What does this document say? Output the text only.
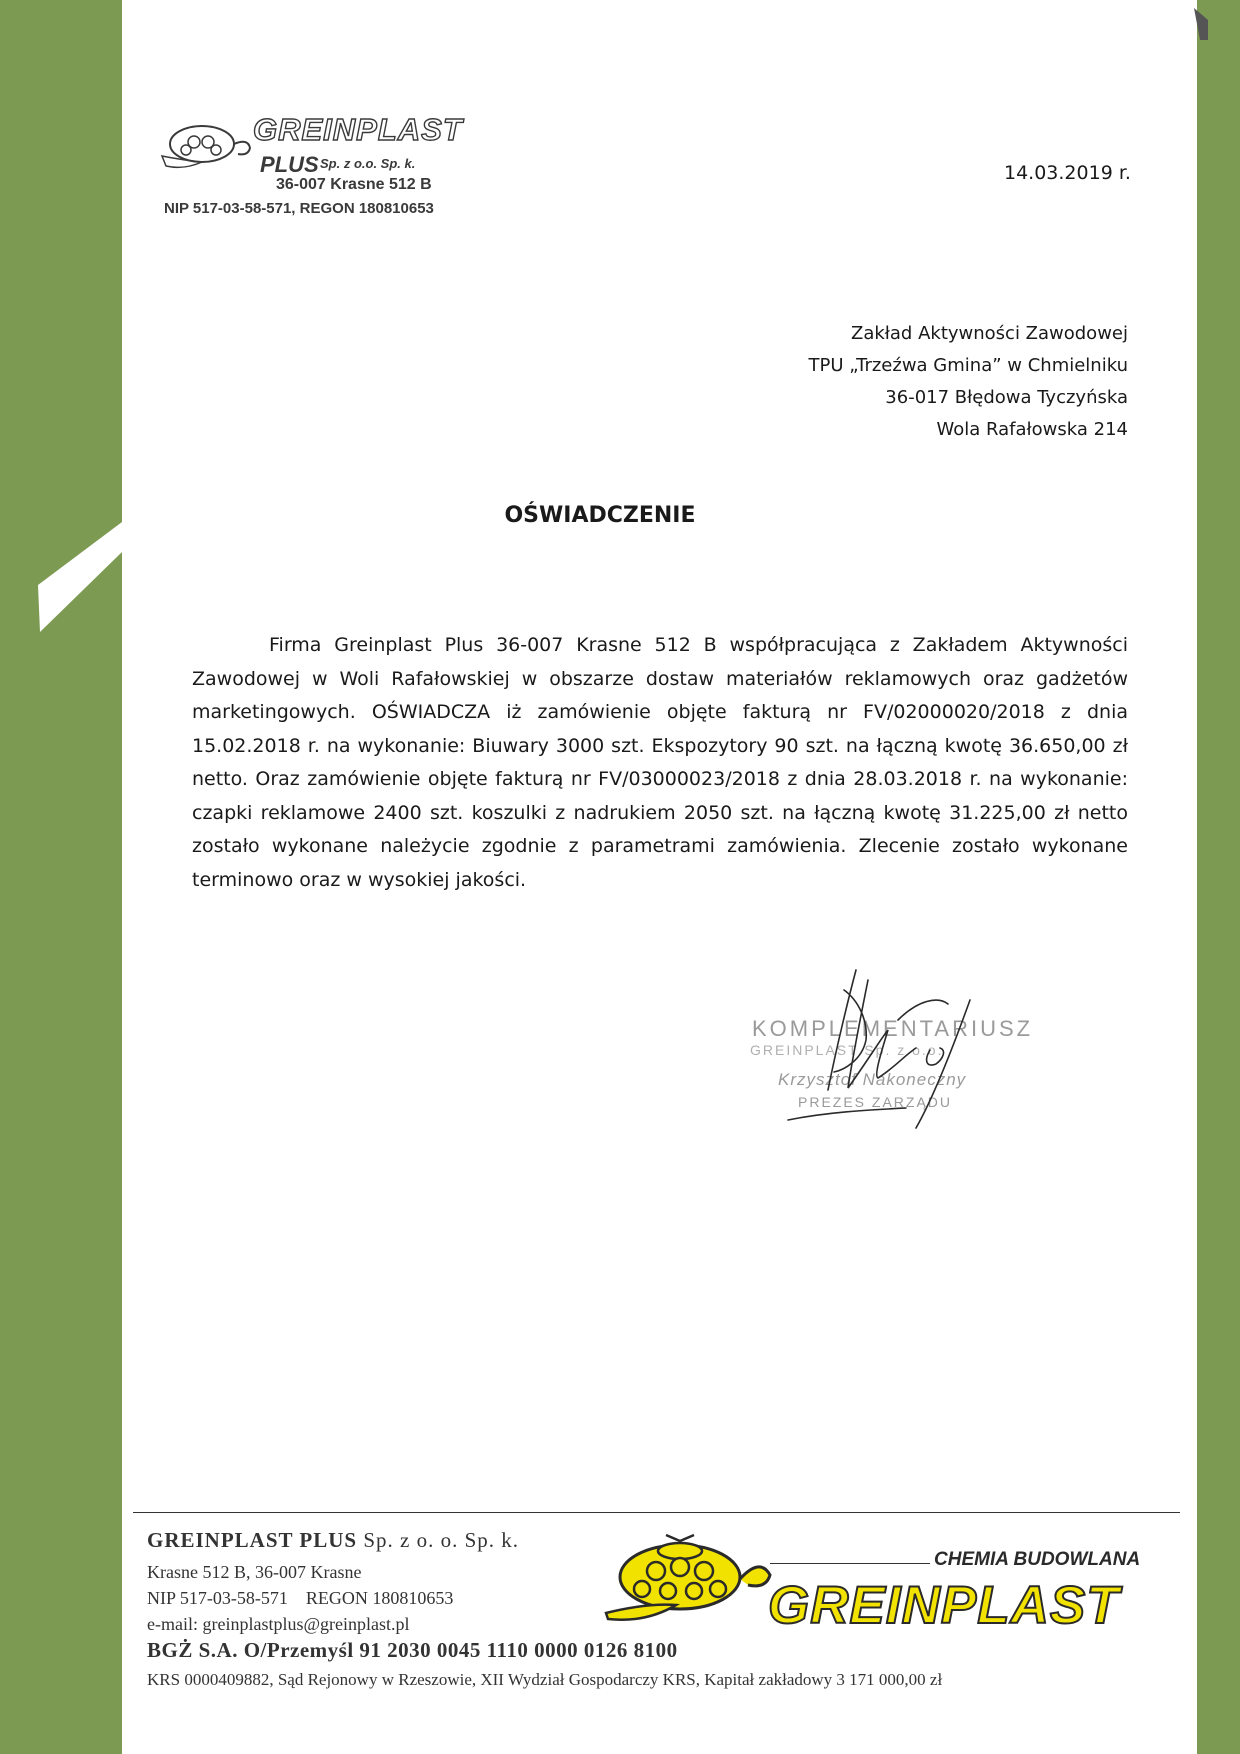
GREINPLAST
PLUS Sp. z o.o. Sp. k.
36-007 Krasne 512 B
NIP 517-03-58-571, REGON 180810653
14.03.2019 r.
Zakład Aktywności Zawodowej
TPU „Trzeźwa Gmina” w Chmielniku
36-017 Błędowa Tyczyńska
Wola Rafałowska 214
OŚWIADCZENIE
Firma Greinplast Plus 36-007 Krasne 512 B współpracująca z Zakładem Aktywności Zawodowej w Woli Rafałowskiej w obszarze dostaw materiałów reklamowych oraz gadżetów marketingowych. OŚWIADCZA iż zamówienie objęte fakturą nr FV/02000020/2018 z dnia 15.02.2018 r. na wykonanie: Biuwary 3000 szt. Ekspozytory 90 szt. na łączną kwotę 36.650,00 zł netto. Oraz zamówienie objęte fakturą nr FV/03000023/2018 z dnia 28.03.2018 r. na wykonanie: czapki reklamowe 2400 szt. koszulki z nadrukiem 2050 szt. na łączną kwotę 31.225,00 zł netto zostało wykonane należycie zgodnie z parametrami zamówienia. Zlecenie zostało wykonane terminowo oraz w wysokiej jakości.
KOMPLEMENTARIUSZ
GREINPLAST Sp. z o.o.
Krzysztof Nakoneczny
PREZES ZARZĄDU
GREINPLAST PLUS Sp. z o. o. Sp. k.
Krasne 512 B, 36-007 Krasne
NIP 517-03-58-571    REGON 180810653
e-mail: greinplastplus@greinplast.pl
BGŻ S.A. O/Przemyśl 91 2030 0045 1110 0000 0126 8100
KRS 0000409882, Sąd Rejonowy w Rzeszowie, XII Wydział Gospodarczy KRS, Kapitał zakładowy 3 171 000,00 zł
CHEMIA BUDOWLANA
GREINPLAST
